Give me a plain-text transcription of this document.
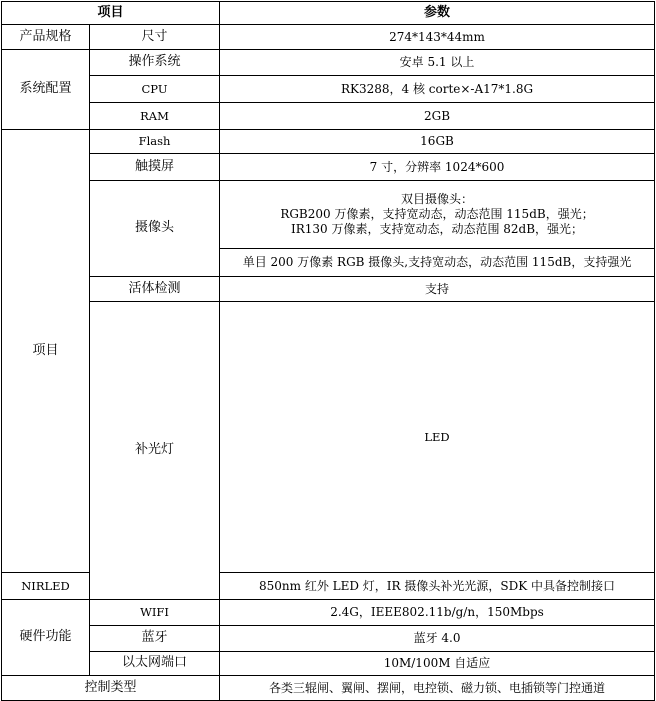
项目		参数	
产品规格	尺寸	274*143*44mm	
系统配置	操作系统	安卓 5.1 以上	
	CPU	RK3288，4 核 corte×-A17*1.8G	
	RAM	2GB	
项目	Flash	16GB	
	触摸屏	7 寸，分辨率 1024*600	
	摄像头	双目摄像头：
RGB200 万像素，支持宽动态，动态范围 115dB，强光；
IR130 万像素，支持宽动态，动态范围 82dB，强光；	

		单目 200 万像素 RGB 摄像头,支持宽动态，动态范围 115dB，支持强光	
	活体检测	支持	
	补光灯	LED	
NIRLED		850nm 红外 LED 灯，IR 摄像头补光光源，SDK 中具备控制接口	
硬件功能	WIFI	2.4G，IEEE802.11b/g/n，150Mbps	
	蓝牙	蓝牙 4.0	
	以太网端口	10M/100M 自适应	
控制类型		各类三辊闸、翼闸、摆闸，电控锁、磁力锁、电插锁等门控通道	
